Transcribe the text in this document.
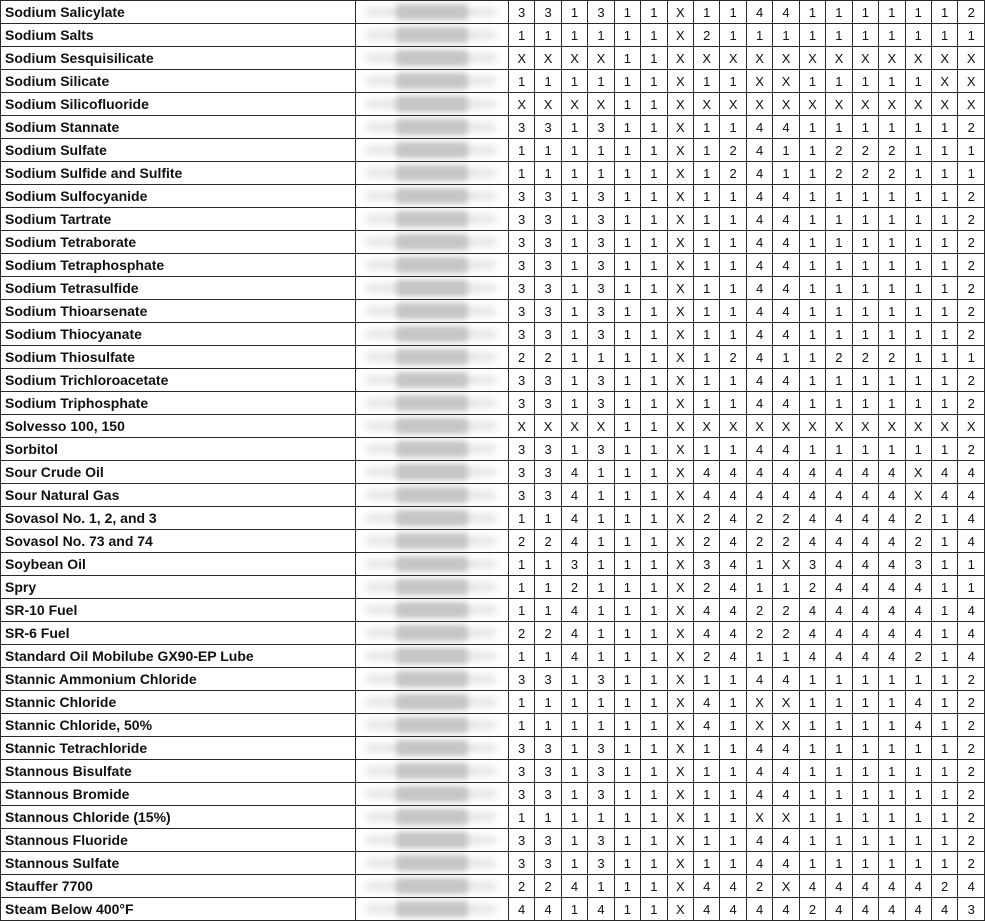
Sodium Salicylate		3	3	1	3	1	1	X	1	1	4	4	1	1	1	1	1	1	2
Sodium Salts		1	1	1	1	1	1	X	2	1	1	1	1	1	1	1	1	1	1
Sodium Sesquisilicate		X	X	X	X	1	1	X	X	X	X	X	X	X	X	X	X	X	X
Sodium Silicate		1	1	1	1	1	1	X	1	1	X	X	1	1	1	1	1	X	X
Sodium Silicofluoride		X	X	X	X	1	1	X	X	X	X	X	X	X	X	X	X	X	X
Sodium Stannate		3	3	1	3	1	1	X	1	1	4	4	1	1	1	1	1	1	2
Sodium Sulfate		1	1	1	1	1	1	X	1	2	4	1	1	2	2	2	1	1	1
Sodium Sulfide and Sulfite		1	1	1	1	1	1	X	1	2	4	1	1	2	2	2	1	1	1
Sodium Sulfocyanide		3	3	1	3	1	1	X	1	1	4	4	1	1	1	1	1	1	2
Sodium Tartrate		3	3	1	3	1	1	X	1	1	4	4	1	1	1	1	1	1	2
Sodium Tetraborate		3	3	1	3	1	1	X	1	1	4	4	1	1	1	1	1	1	2
Sodium Tetraphosphate		3	3	1	3	1	1	X	1	1	4	4	1	1	1	1	1	1	2
Sodium Tetrasulfide		3	3	1	3	1	1	X	1	1	4	4	1	1	1	1	1	1	2
Sodium Thioarsenate		3	3	1	3	1	1	X	1	1	4	4	1	1	1	1	1	1	2
Sodium Thiocyanate		3	3	1	3	1	1	X	1	1	4	4	1	1	1	1	1	1	2
Sodium Thiosulfate		2	2	1	1	1	1	X	1	2	4	1	1	2	2	2	1	1	1
Sodium Trichloroacetate		3	3	1	3	1	1	X	1	1	4	4	1	1	1	1	1	1	2
Sodium Triphosphate		3	3	1	3	1	1	X	1	1	4	4	1	1	1	1	1	1	2
Solvesso 100, 150		X	X	X	X	1	1	X	X	X	X	X	X	X	X	X	X	X	X
Sorbitol		3	3	1	3	1	1	X	1	1	4	4	1	1	1	1	1	1	2
Sour Crude Oil		3	3	4	1	1	1	X	4	4	4	4	4	4	4	4	X	4	4
Sour Natural Gas		3	3	4	1	1	1	X	4	4	4	4	4	4	4	4	X	4	4
Sovasol No. 1, 2, and 3		1	1	4	1	1	1	X	2	4	2	2	4	4	4	4	2	1	4
Sovasol No. 73 and 74		2	2	4	1	1	1	X	2	4	2	2	4	4	4	4	2	1	4
Soybean Oil		1	1	3	1	1	1	X	3	4	1	X	3	4	4	4	3	1	1
Spry		1	1	2	1	1	1	X	2	4	1	1	2	4	4	4	4	1	1
SR-10 Fuel		1	1	4	1	1	1	X	4	4	2	2	4	4	4	4	4	1	4
SR-6 Fuel		2	2	4	1	1	1	X	4	4	2	2	4	4	4	4	4	1	4
Standard Oil Mobilube GX90-EP Lube		1	1	4	1	1	1	X	2	4	1	1	4	4	4	4	2	1	4
Stannic Ammonium Chloride		3	3	1	3	1	1	X	1	1	4	4	1	1	1	1	1	1	2
Stannic Chloride		1	1	1	1	1	1	X	4	1	X	X	1	1	1	1	4	1	2
Stannic Chloride, 50%		1	1	1	1	1	1	X	4	1	X	X	1	1	1	1	4	1	2
Stannic Tetrachloride		3	3	1	3	1	1	X	1	1	4	4	1	1	1	1	1	1	2
Stannous Bisulfate		3	3	1	3	1	1	X	1	1	4	4	1	1	1	1	1	1	2
Stannous Bromide		3	3	1	3	1	1	X	1	1	4	4	1	1	1	1	1	1	2
Stannous Chloride (15%)		1	1	1	1	1	1	X	1	1	X	X	1	1	1	1	1	1	2
Stannous Fluoride		3	3	1	3	1	1	X	1	1	4	4	1	1	1	1	1	1	2
Stannous Sulfate		3	3	1	3	1	1	X	1	1	4	4	1	1	1	1	1	1	2
Stauffer 7700		2	2	4	1	1	1	X	4	4	2	X	4	4	4	4	4	2	4
Steam Below 400°F		4	4	1	4	1	1	X	4	4	4	4	2	4	4	4	4	4	3
